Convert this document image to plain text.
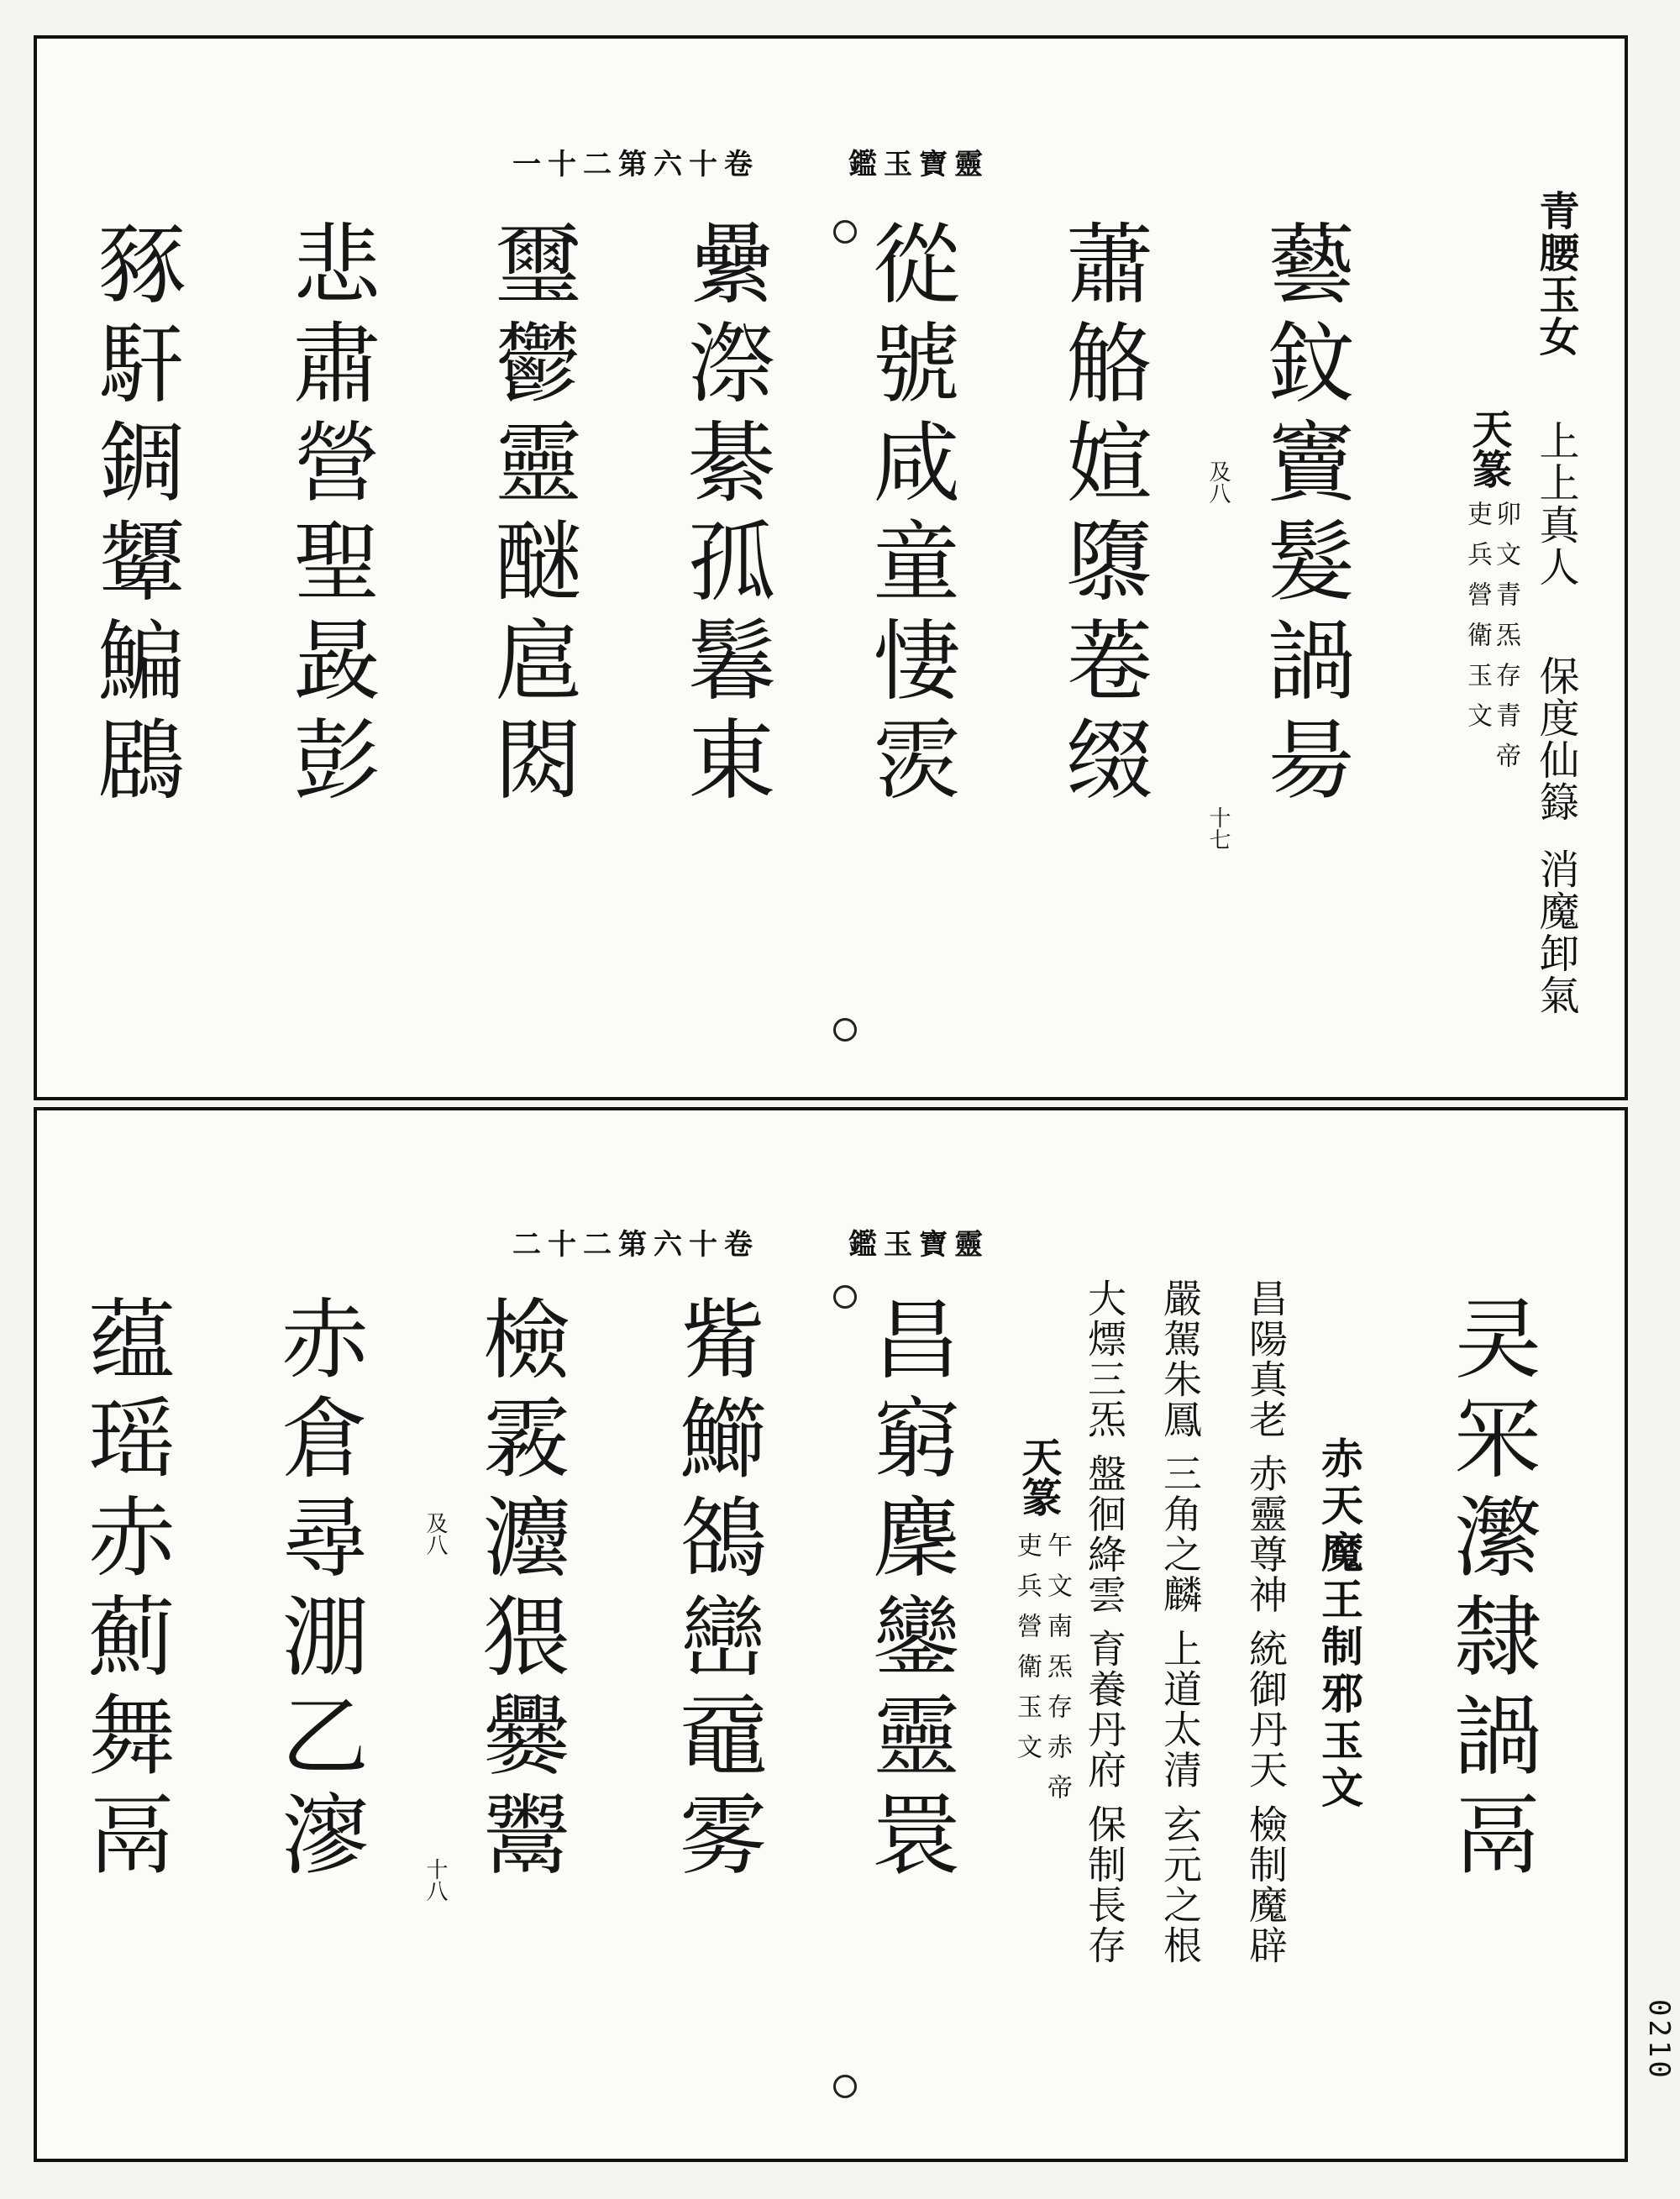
一十二第六十卷	鑑玉寶靈
青腰玉女
上上真人
保度仙籙
消魔卸氣
天篆
卯文青炁存青帝
吏兵營衛玉文
藝鈫竇髮諣昜
蕭觡媗隳菤缀
從號咸童悽䨏
纍漈綦孤鬊東
璽鬱靈醚扈閦
悲肅營聖晸彭
豩馯錭顰鯿鶋	及八
十七
二十二第六十卷	鑑玉寶靈
㚑冞瀿隸諣鬲
赤天魔王制邪玉文
昌陽真老 赤靈尊神 統御丹天 檢制魔辟
嚴駕朱鳳 三角之麟 上道太清 玄元之根
大熛三炁 盤徊絳雲 育養丹府 保制長存
天篆
午文南炁存赤帝
吏兵營衛玉文
昌窮麇鑾靈睘
觜䲙鵅巒黿雾
檢霚灋猥爨鬻
赤倉尋淜乙㵳
蕴瑶赤薊舞鬲	及八
十八
0210
